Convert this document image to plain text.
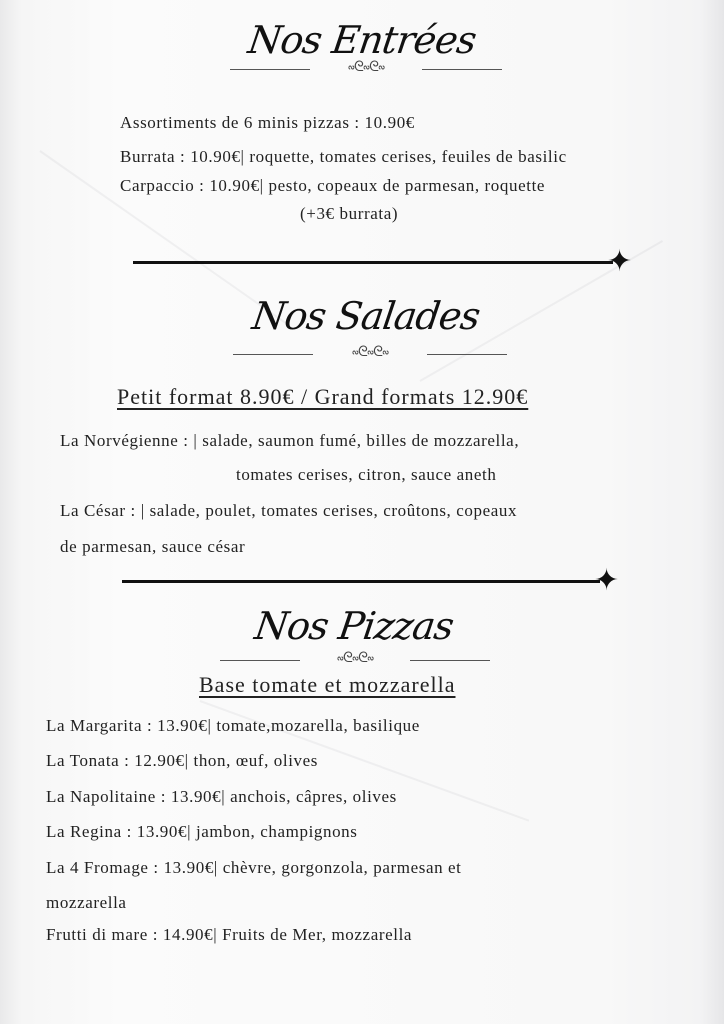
Nos Entrées
∾ᘓ∾ᘓ∾
Assortiments de 6 minis pizzas : 10.90€
Burrata : 10.90€| roquette, tomates cerises, feuiles de basilic
Carpaccio : 10.90€| pesto, copeaux de parmesan, roquette
(+3€ burrata)
✦
Nos Salades
∾ᘓ∾ᘓ∾
Petit format 8.90€ / Grand formats 12.90€
La Norvégienne : | salade, saumon fumé, billes de mozzarella,
tomates cerises, citron, sauce aneth
La César : | salade, poulet, tomates cerises, croûtons, copeaux
de parmesan, sauce césar
✦
Nos Pizzas
∾ᘓ∾ᘓ∾
Base tomate et mozzarella
La Margarita : 13.90€| tomate,mozarella, basilique
La Tonata : 12.90€| thon, œuf, olives
La Napolitaine : 13.90€| anchois, câpres, olives
La Regina : 13.90€| jambon, champignons
La 4 Fromage : 13.90€| chèvre, gorgonzola, parmesan et
mozzarella
Frutti di mare : 14.90€| Fruits de Mer, mozzarella
